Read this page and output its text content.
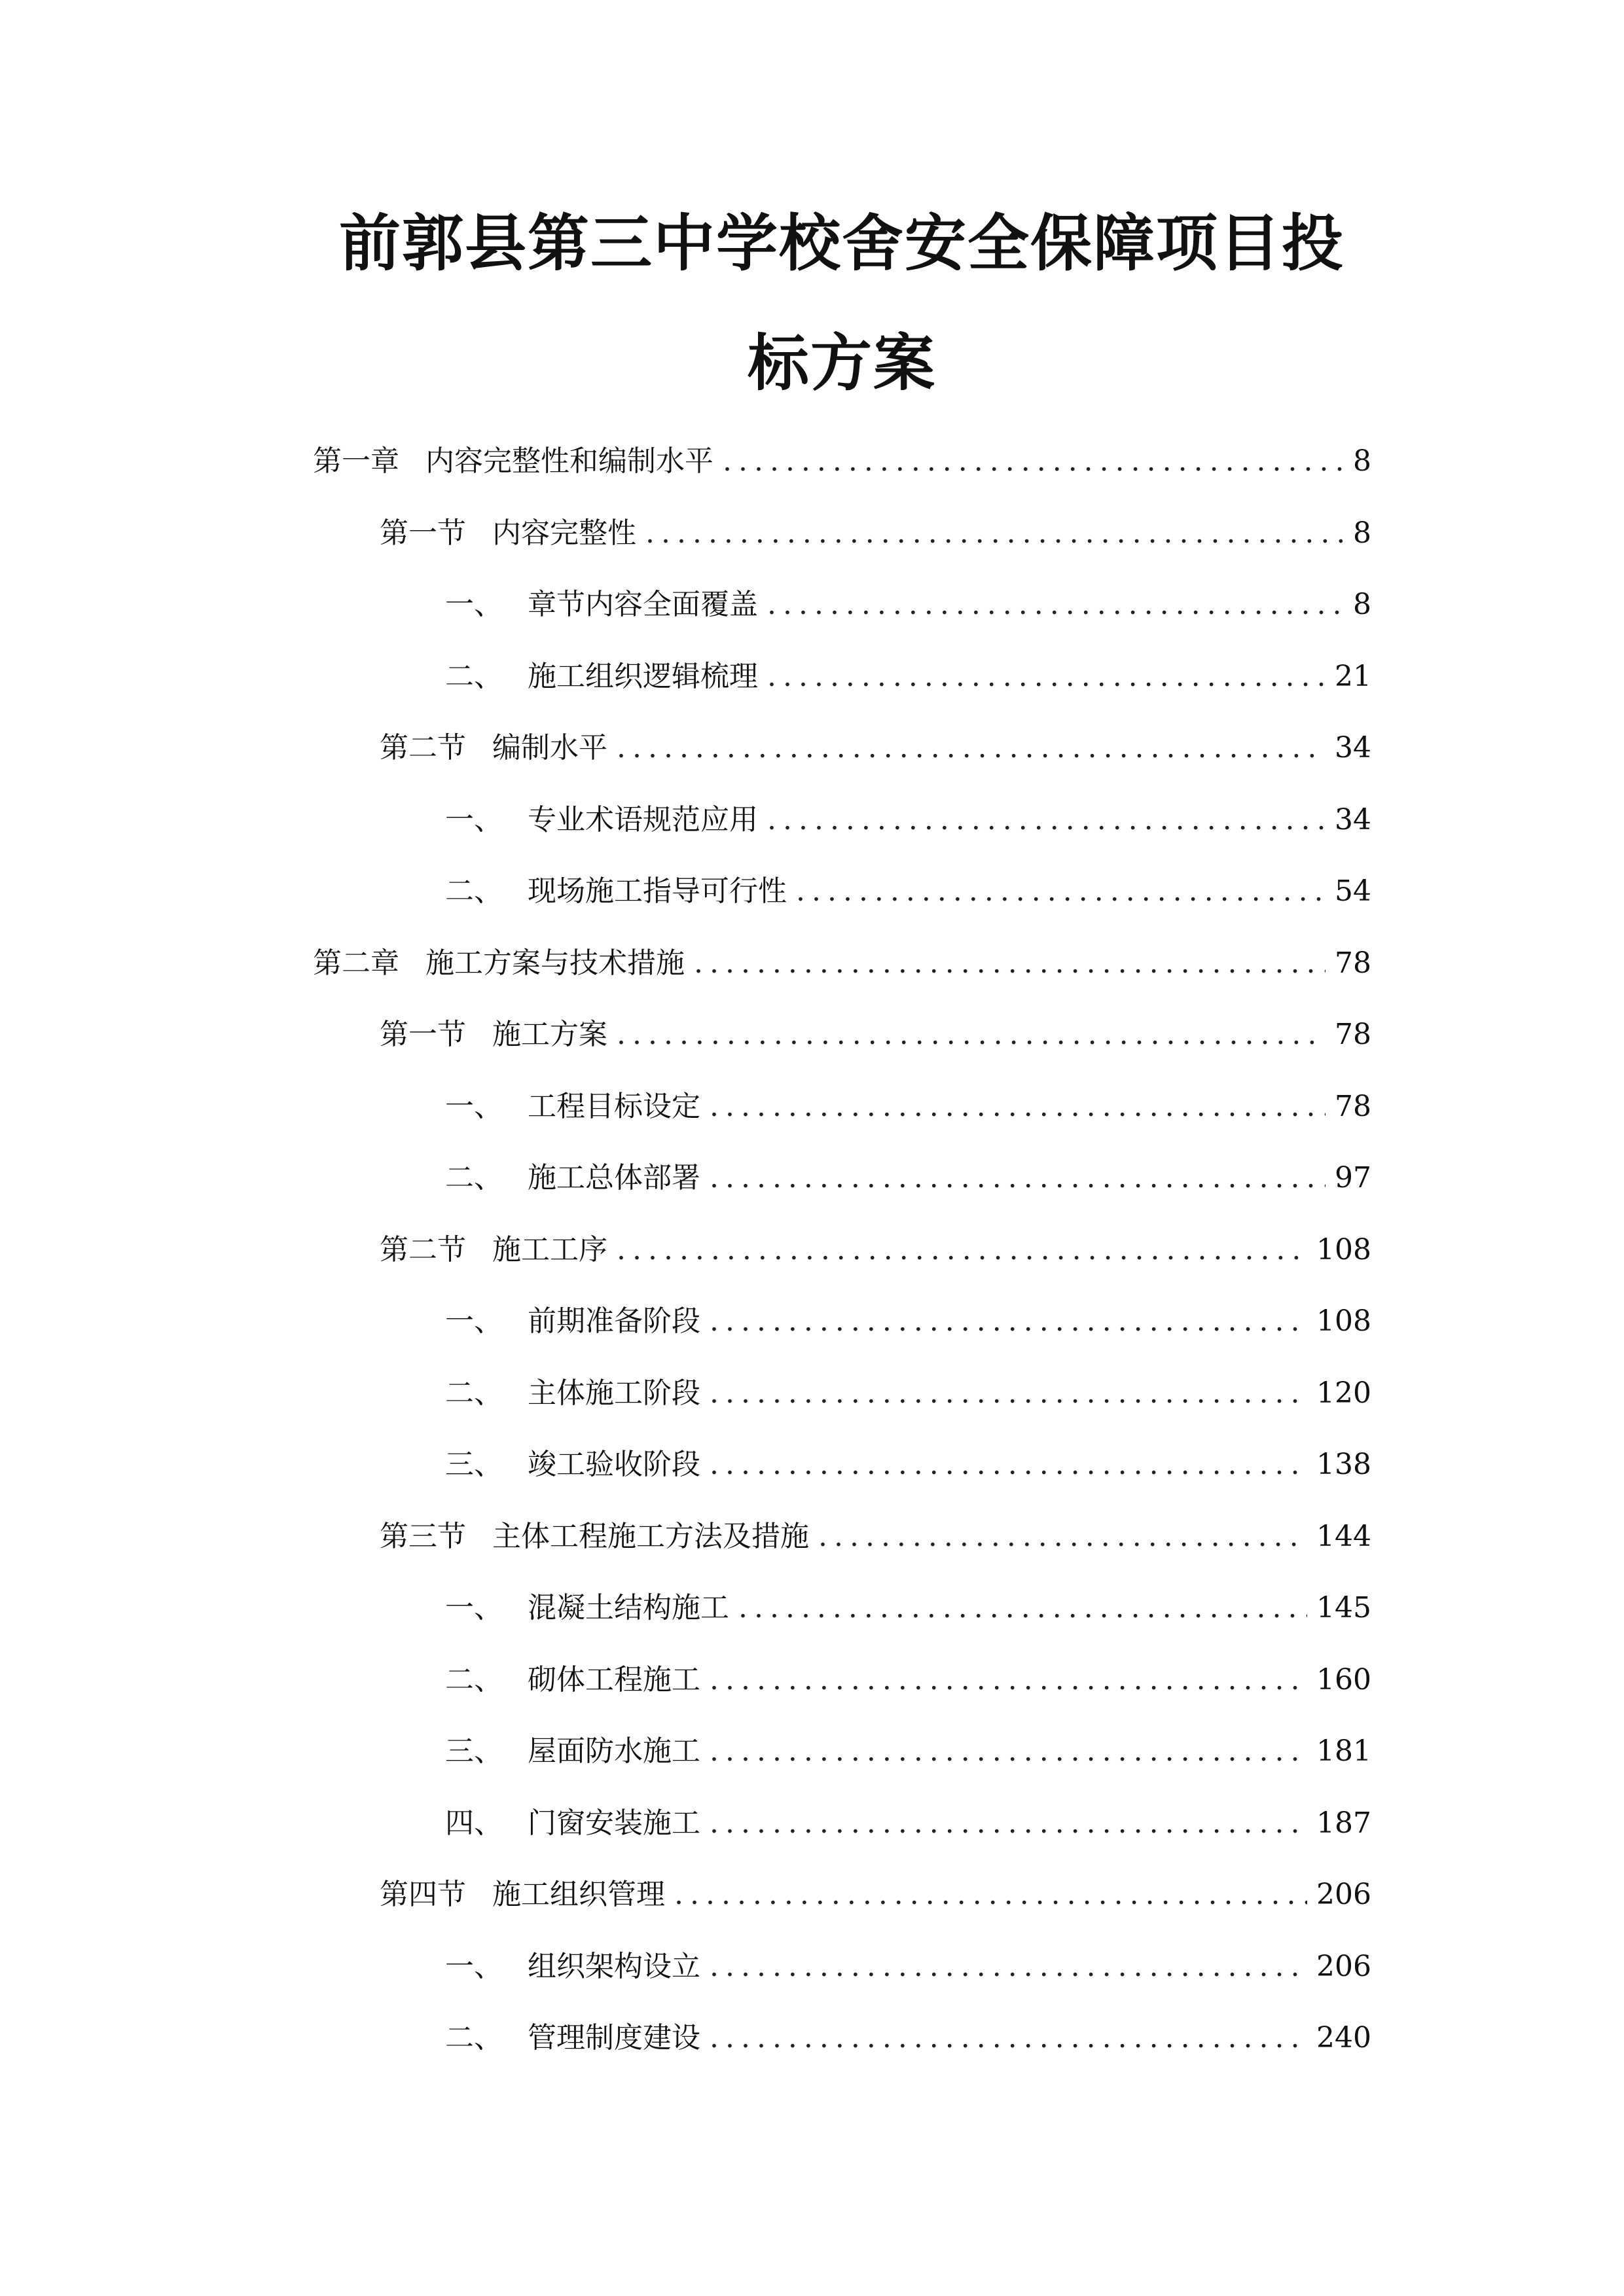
前郭县第三中学校舍安全保障项目投
标方案
第一章 内容完整性和编制水平 .....	8
第一节 内容完整性 .....	8
一、 章节内容全面覆盖 .....	8
二、 施工组织逻辑梳理 .....	21
第二节 编制水平 .....	34
一、 专业术语规范应用 .....	34
二、 现场施工指导可行性 .....	54
第二章 施工方案与技术措施 .....	78
第一节 施工方案 .....	78
一、 工程目标设定 .....	78
二、 施工总体部署 .....	97
第二节 施工工序 .....	108
一、 前期准备阶段 .....	108
二、 主体施工阶段 .....	120
三、 竣工验收阶段 .....	138
第三节 主体工程施工方法及措施 .....	144
一、 混凝土结构施工 .....	145
二、 砌体工程施工 .....	160
三、 屋面防水施工 .....	181
四、 门窗安装施工 .....	187
第四节 施工组织管理 .....	206
一、 组织架构设立 .....	206
二、 管理制度建设 .....	240
